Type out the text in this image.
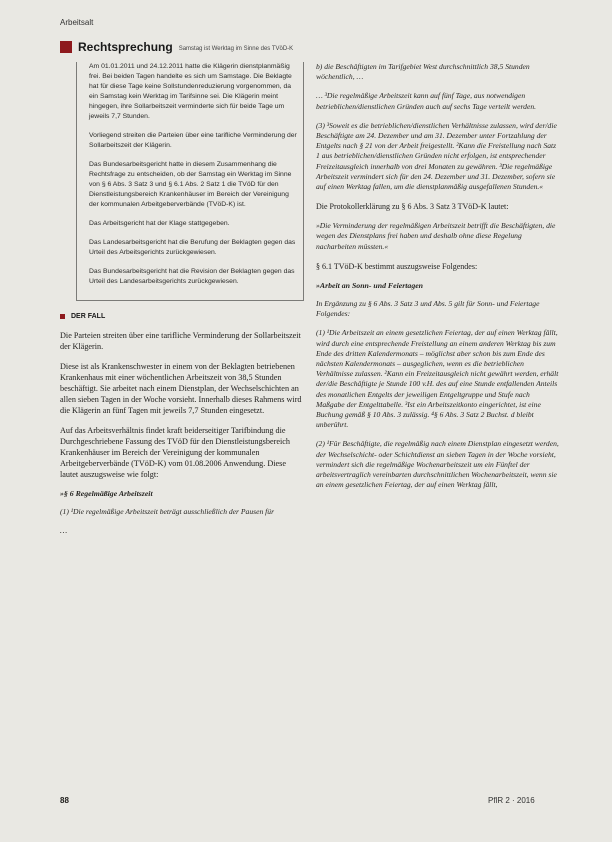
Arbeitsalt
Rechtsprechung Samstag ist Werktag im Sinne des TVöD-K

Am 01.01.2011 und 24.12.2011 hatte die Klägerin dienstplanmäßig frei. Bei beiden Tagen handelte es sich um Samstage. Die Beklagte hat für diese Tage keine Sollstundenreduzierung vorgenommen, da ein Samstag kein Werktag im Tarifsinne sei. Die Klägerin meint hingegen, ihre Sollarbeitszeit verminderte sich für beide Tage um jeweils 7,7 Stunden.

Vorliegend streiten die Parteien über eine tarifliche Verminderung der Sollarbeitszeit der Klägerin.

Das Bundesarbeitsgericht hatte in diesem Zusammenhang die Rechtsfrage zu entscheiden, ob der Samstag ein Werktag im Sinne von § 6 Abs. 3 Satz 3 und § 6.1 Abs. 2 Satz 1 die TVöD für den Dienstleistungsbereich Krankenhäuser im Bereich der Vereinigung der kommunalen Arbeitgeberverbände (TVöD-K) ist.

Das Arbeitsgericht hat der Klage stattgegeben.

Das Landesarbeitsgericht hat die Berufung der Beklagten gegen das Urteil des Arbeitsgerichts zurückgewiesen.

Das Bundesarbeitsgericht hat die Revision der Beklagten gegen das Urteil des Landesarbeitsgerichts zurückgewiesen.

DER FALL

Die Parteien streiten über eine tarifliche Verminderung der Sollarbeitszeit der Klägerin.

Diese ist als Krankenschwester in einem von der Beklagten betriebenen Krankenhaus mit einer wöchentlichen Arbeitszeit von 38,5 Stunden beschäftigt. Sie arbeitet nach einem Dienstplan, der Wechselschichten an allen sieben Tagen in der Woche vorsieht. Innerhalb dieses Rahmens wird die Klägerin an fünf Tagen mit jeweils 7,7 Stunden eingesetzt.

Auf das Arbeitsverhältnis findet kraft beiderseitiger Tarifbindung die Durchgeschriebene Fassung des TVöD für den Dienstleistungsbereich Krankenhäuser im Bereich der Vereinigung der kommunalen Arbeitgeberverbände (TVöD-K) vom 01.08.2006 Anwendung. Diese lautet auszugsweise wie folgt:

»§ 6 Regelmäßige Arbeitszeit

(1) ¹Die regelmäßige Arbeitszeit beträgt ausschließlich der Pausen für

…

b) die Beschäftigten im Tarifgebiet West durchschnittlich 38,5 Stunden wöchentlich, …

… ³Die regelmäßige Arbeitszeit kann auf fünf Tage, aus notwendigen betrieblichen/dienstlichen Gründen auch auf sechs Tage verteilt werden.

(3) ³Soweit es die betrieblichen/dienstlichen Verhältnisse zulassen, wird der/die Beschäftigte am 24. Dezember und am 31. Dezember unter Fortzahlung der Entgelts nach § 21 von der Arbeit freigestellt. ²Kann die Freistellung nach Satz 1 aus betrieblichen/dienstlichen Gründen nicht erfolgen, ist entsprechender Freizeitausgleich innerhalb von drei Monaten zu gewähren. ³Die regelmäßige Arbeitszeit vermindert sich für den 24. Dezember und 31. Dezember, sofern sie auf einen Werktag fallen, um die dienstplanmäßig ausgefallenen Stunden.«

Die Protokollerklärung zu § 6 Abs. 3 Satz 3 TVöD-K lautet:

»Die Verminderung der regelmäßigen Arbeitszeit betrifft die Beschäftigten, die wegen des Dienstplans frei haben und deshalb ohne diese Regelung nacharbeiten müssten.«

§ 6.1 TVöD-K bestimmt auszugsweise Folgendes:

»Arbeit an Sonn- und Feiertagen

In Ergänzung zu § 6 Abs. 3 Satz 3 und Abs. 5 gilt für Sonn- und Feiertage Folgendes:

(1) ¹Die Arbeitszeit an einem gesetzlichen Feiertag, der auf einen Werktag fällt, wird durch eine entsprechende Freistellung an einem anderen Werktag bis zum Ende des dritten Kalendermonats – möglichst aber schon bis zum Ende des nächsten Kalendermonats – ausgeglichen, wenn es die betrieblichen Verhältnisse zulassen. ²Kann ein Freizeitausgleich nicht gewährt werden, erhält der/die Beschäftigte je Stunde 100 v.H. des auf eine Stunde entfallenden Anteils des monatlichen Entgelts der jeweiligen Entgeltgruppe und Stufe nach Maßgabe der Entgelttabelle. ³Ist ein Arbeitszeitkonto eingerichtet, ist eine Buchung gemäß § 10 Abs. 3 zulässig. ⁴§ 6 Abs. 3 Satz 2 Buchst. d bleibt unberührt.

(2) ¹Für Beschäftigte, die regelmäßig nach einem Dienstplan eingesetzt werden, der Wechselschicht- oder Schichtdienst an sieben Tagen in der Woche vorsieht, vermindert sich die regelmäßige Wochenarbeitszeit um ein Fünftel der arbeitsvertraglich vereinbarten durchschnittlichen Wochenarbeitszeit, wenn sie an einem gesetzlichen Feiertag, der auf einen Werktag fällt,

88	PflR 2 · 2016
